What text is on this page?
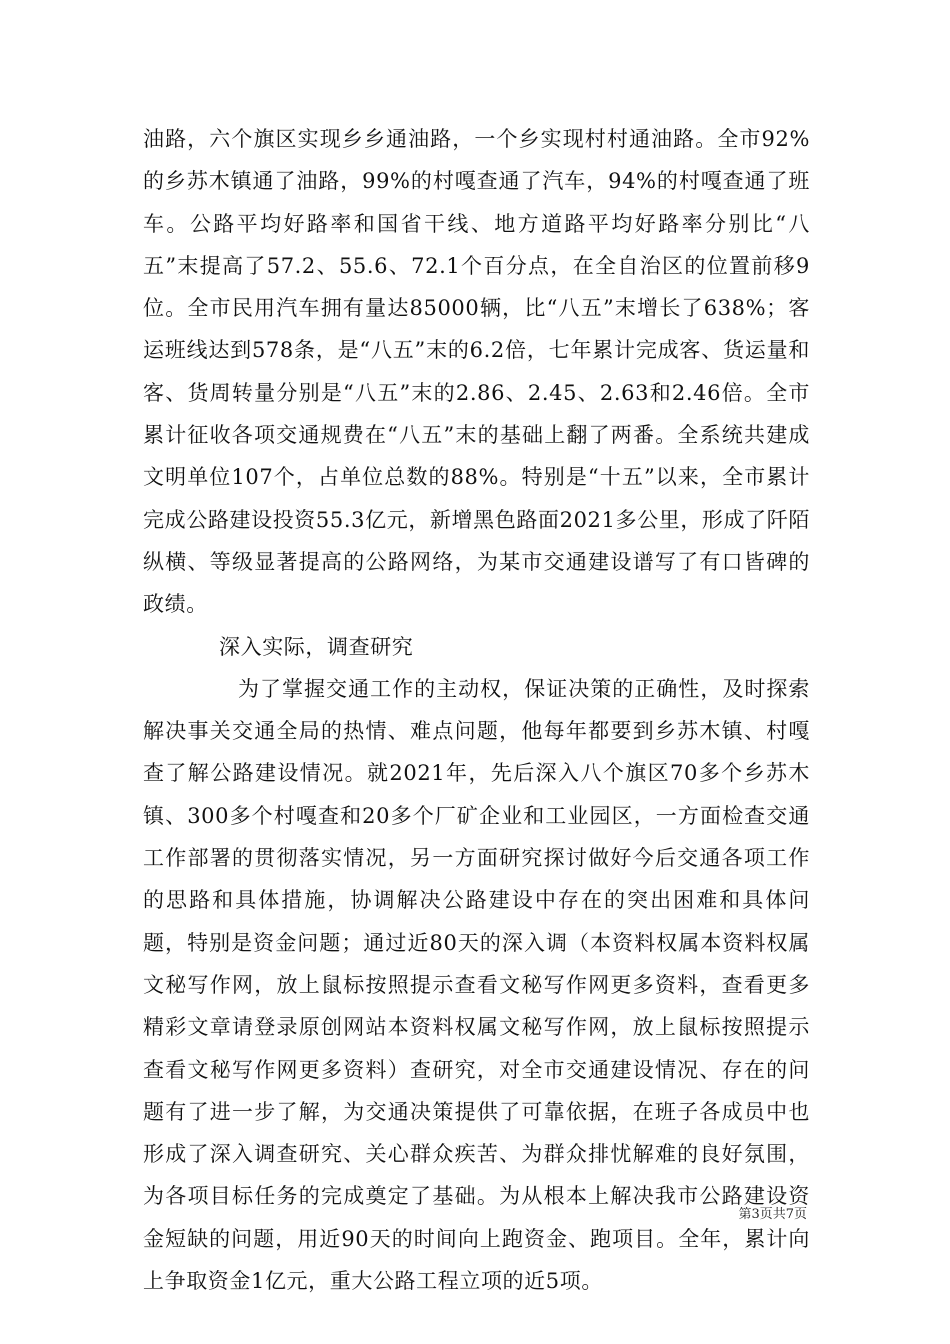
油路，六个旗区实现乡乡通油路，一个乡实现村村通油路。全市92%的乡苏木镇通了油路，99%的村嘎查通了汽车，94%的村嘎查通了班车。公路平均好路率和国省干线、地方道路平均好路率分别比“八五”末提高了57.2、55.6、72.1个百分点，在全自治区的位置前移9位。全市民用汽车拥有量达85000辆，比“八五”末增长了638%；客运班线达到578条，是“八五”末的6.2倍，七年累计完成客、货运量和客、货周转量分别是“八五”末的2.86、2.45、2.63和2.46倍。全市累计征收各项交通规费在“八五”末的基础上翻了两番。全系统共建成文明单位107个，占单位总数的88%。特别是“十五”以来，全市累计完成公路建设投资55.3亿元，新增黑色路面2021多公里，形成了阡陌纵横、等级显著提高的公路网络，为某市交通建设谱写了有口皆碑的政绩。

深入实际，调查研究

为了掌握交通工作的主动权，保证决策的正确性，及时探索解决事关交通全局的热情、难点问题，他每年都要到乡苏木镇、村嘎查了解公路建设情况。就2021年，先后深入八个旗区70多个乡苏木镇、300多个村嘎查和20多个厂矿企业和工业园区，一方面检查交通工作部署的贯彻落实情况，另一方面研究探讨做好今后交通各项工作的思路和具体措施，协调解决公路建设中存在的突出困难和具体问题，特别是资金问题；通过近80天的深入调（本资料权属本资料权属文秘写作网，放上鼠标按照提示查看文秘写作网更多资料，查看更多精彩文章请登录原创网站本资料权属文秘写作网，放上鼠标按照提示查看文秘写作网更多资料）查研究，对全市交通建设情况、存在的问题有了进一步了解，为交通决策提供了可靠依据，在班子各成员中也形成了深入调查研究、关心群众疾苦、为群众排忧解难的良好氛围，为各项目标任务的完成奠定了基础。为从根本上解决我市公路建设资金短缺的问题，用近90天的时间向上跑资金、跑项目。全年，累计向上争取资金1亿元，重大公路工程立项的近5项。

第3页共7页
